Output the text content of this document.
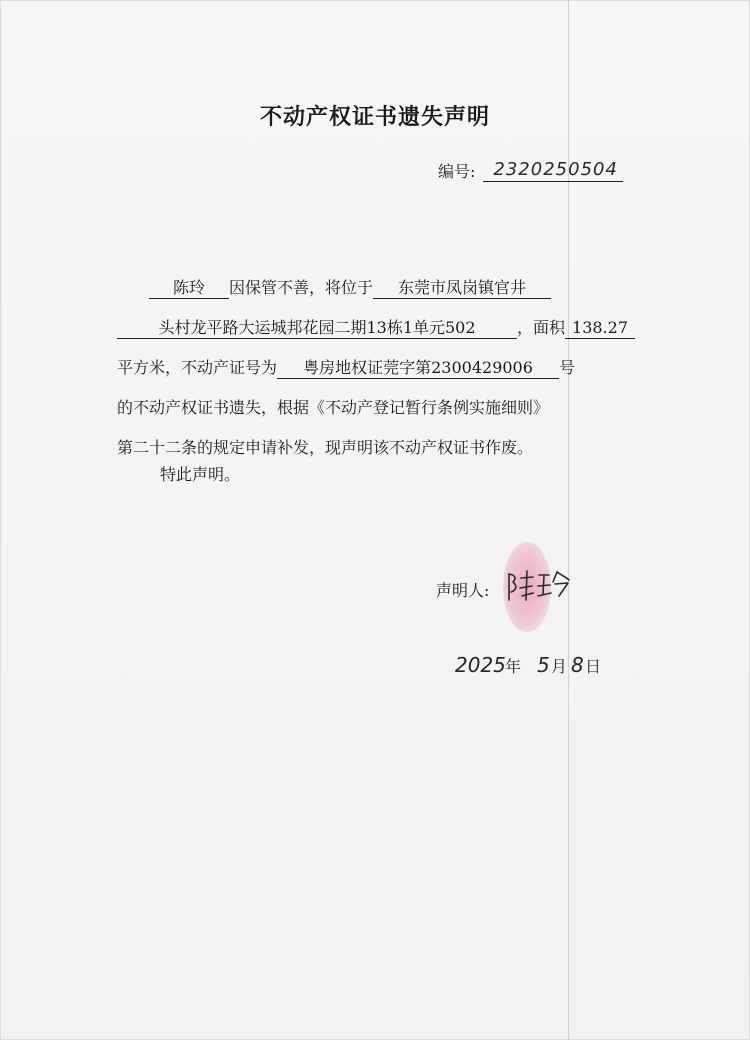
不动产权证书遗失声明
编号: 2320250504

陈玲 因保管不善，将位于 东莞市凤岗镇官井
头村龙平路大运城邦花园二期13栋1单元502	，面积 138.27
平方米，不动产证号为 粤房地权证莞字第2300429006 号
的不动产权证书遗失，根据《不动产登记暂行条例实施细则》
第二十二条的规定申请补发，现声明该不动产权证书作废。

特此声明。
声明人:
2025 年 5 月 8 日
